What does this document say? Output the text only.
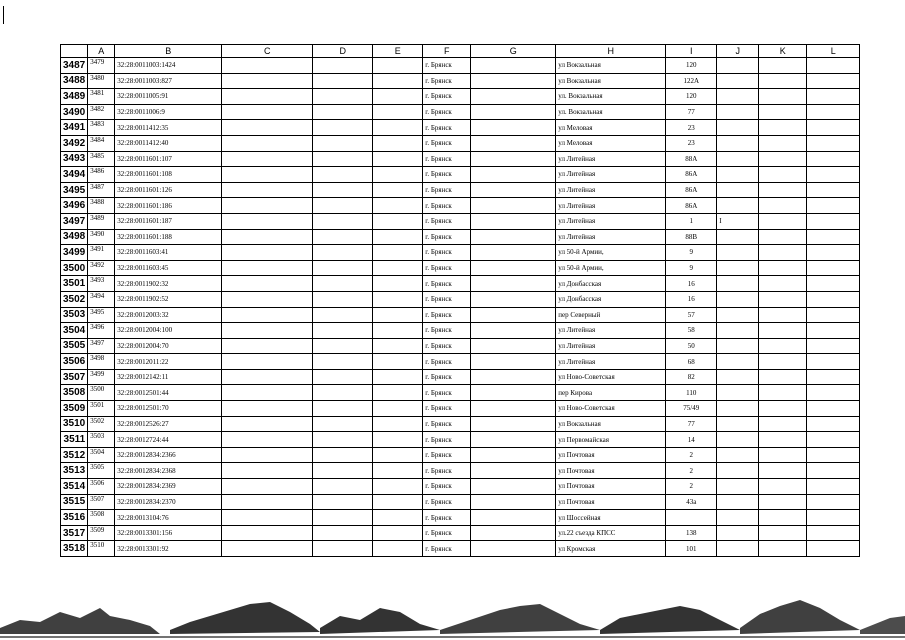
	A	B	C	D	E	F	G	H	I	J	K	L
3487	3479	32:28:0011003:1424				г. Брянск		ул Вокзальная	120			
3488	3480	32:28:0011003:827				г. Брянск		ул Вокзальная	122А			
3489	3481	32:28:0011005:91				г. Брянск		ул. Вокзальная	120			
3490	3482	32:28:0011006:9				г. Брянск		ул. Вокзальная	77			
3491	3483	32:28:0011412:35				г. Брянск		ул Меловая	23			
3492	3484	32:28:0011412:40				г. Брянск		ул Меловая	23			
3493	3485	32:28:0011601:107				г. Брянск		ул Литейная	88А			
3494	3486	32:28:0011601:108				г. Брянск		ул Литейная	86А			
3495	3487	32:28:0011601:126				г. Брянск		ул Литейная	86А			
3496	3488	32:28:0011601:186				г. Брянск		ул Литейная	86А			
3497	3489	32:28:0011601:187				г. Брянск		ул Литейная	1	I		
3498	3490	32:28:0011601:188				г. Брянск		ул Литейная	88В			
3499	3491	32:28:0011603:41				г. Брянск		ул 50-й Армии,	9			
3500	3492	32:28:0011603:45				г. Брянск		ул 50-й Армии,	9			
3501	3493	32:28:0011902:32				г. Брянск		ул Донбасская	16			
3502	3494	32:28:0011902:52				г. Брянск		ул Донбасская	16			
3503	3495	32:28:0012003:32				г. Брянск		пер Северный	57			
3504	3496	32:28:0012004:100				г. Брянск		ул Литейная	58			
3505	3497	32:28:0012004:70				г. Брянск		ул Литейная	50			
3506	3498	32:28:0012011:22				г. Брянск		ул Литейная	68			
3507	3499	32:28:0012142:11				г. Брянск		ул Ново-Советская	82			
3508	3500	32:28:0012501:44				г. Брянск		пер Кирова	110			
3509	3501	32:28:0012501:70				г. Брянск		ул Ново-Советская	75/49			
3510	3502	32:28:0012526:27				г. Брянск		ул Вокзальная	77			
3511	3503	32:28:0012724:44				г. Брянск		ул Первомайская	14			
3512	3504	32:28:0012834:2366				г. Брянск		ул Почтовая	2			
3513	3505	32:28:0012834:2368				г. Брянск		ул Почтовая	2			
3514	3506	32:28:0012834:2369				г. Брянск		ул Почтовая	2			
3515	3507	32:28:0012834:2370				г. Брянск		ул Почтовая	43а			
3516	3508	32:28:0013104:76				г. Брянск		ул Шоссейная				
3517	3509	32:28:0013301:156				г. Брянск		ул.22 съезда КПСС	138			
3518	3510	32:28:0013301:92				г. Брянск		ул Кромская	101			
